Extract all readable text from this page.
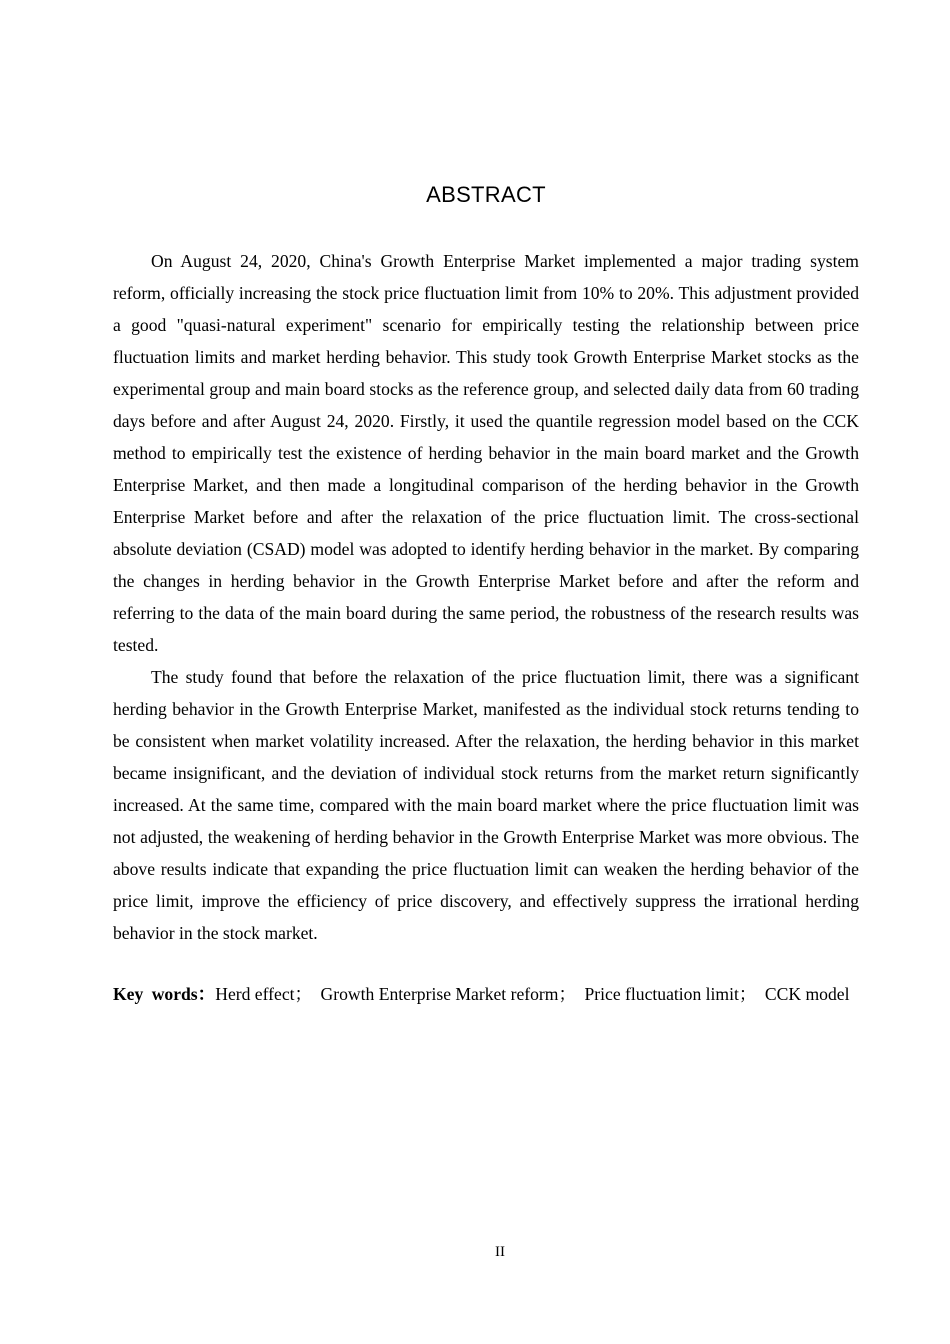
ABSTRACT

On August 24, 2020, China's Growth Enterprise Market implemented a major trading system reform, officially increasing the stock price fluctuation limit from 10% to 20%. This adjustment provided a good "quasi-natural experiment" scenario for empirically testing the relationship between price fluctuation limits and market herding behavior. This study took Growth Enterprise Market stocks as the experimental group and main board stocks as the reference group, and selected daily data from 60 trading days before and after August 24, 2020. Firstly, it used the quantile regression model based on the CCK method to empirically test the existence of herding behavior in the main board market and the Growth Enterprise Market, and then made a longitudinal comparison of the herding behavior in the Growth Enterprise Market before and after the relaxation of the price fluctuation limit. The cross-sectional absolute deviation (CSAD) model was adopted to identify herding behavior in the market. By comparing the changes in herding behavior in the Growth Enterprise Market before and after the reform and referring to the data of the main board during the same period, the robustness of the research results was tested.

The study found that before the relaxation of the price fluctuation limit, there was a significant herding behavior in the Growth Enterprise Market, manifested as the individual stock returns tending to be consistent when market volatility increased. After the relaxation, the herding behavior in this market became insignificant, and the deviation of individual stock returns from the market return significantly increased. At the same time, compared with the main board market where the price fluctuation limit was not adjusted, the weakening of herding behavior in the Growth Enterprise Market was more obvious. The above results indicate that expanding the price fluctuation limit can weaken the herding behavior of the price limit, improve the efficiency of price discovery, and effectively suppress the irrational herding behavior in the stock market.

Key words：Herd effect； Growth Enterprise Market reform； Price fluctuation limit； CCK model

II
